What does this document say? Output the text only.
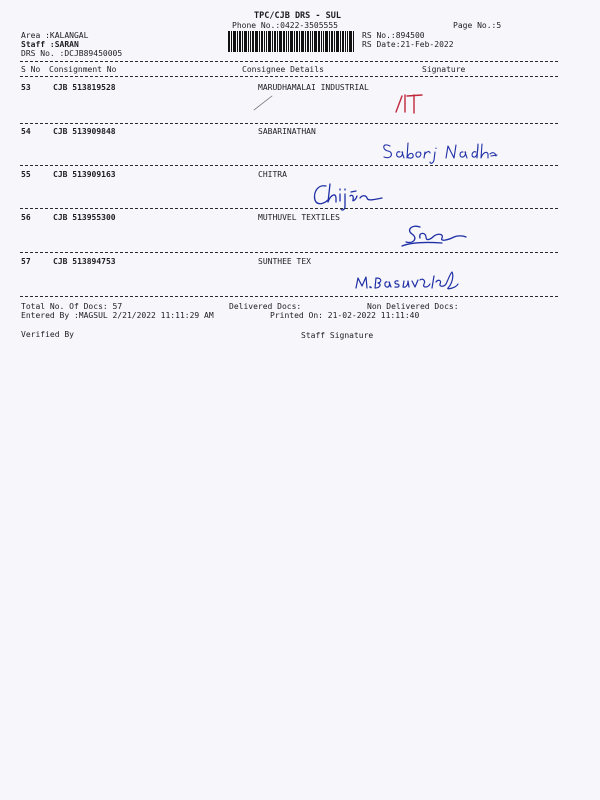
TPC/CJB DRS - SUL
Phone No.:0422-3505555	Page No.:5
Area :KALANGAL
Staff :SARAN
DRS No. :DCJB89450005
RS No.:894500
RS Date:21-Feb-2022
S No Consignment No	Consignee Details	Signature
53	CJB 513819528	MARUDHAMALAI INDUSTRIAL
54	CJB 513909848	SABARINATHAN
55	CJB 513909163	CHITRA
56	CJB 513955300	MUTHUVEL TEXTILES
57	CJB 513894753	SUNTHEE TEX
Total No. Of Docs: 57	Delivered Docs:	Non Delivered Docs:
Entered By :MAGSUL 2/21/2022 11:11:29 AM	Printed On: 21-02-2022 11:11:40
Verified By	Staff Signature
